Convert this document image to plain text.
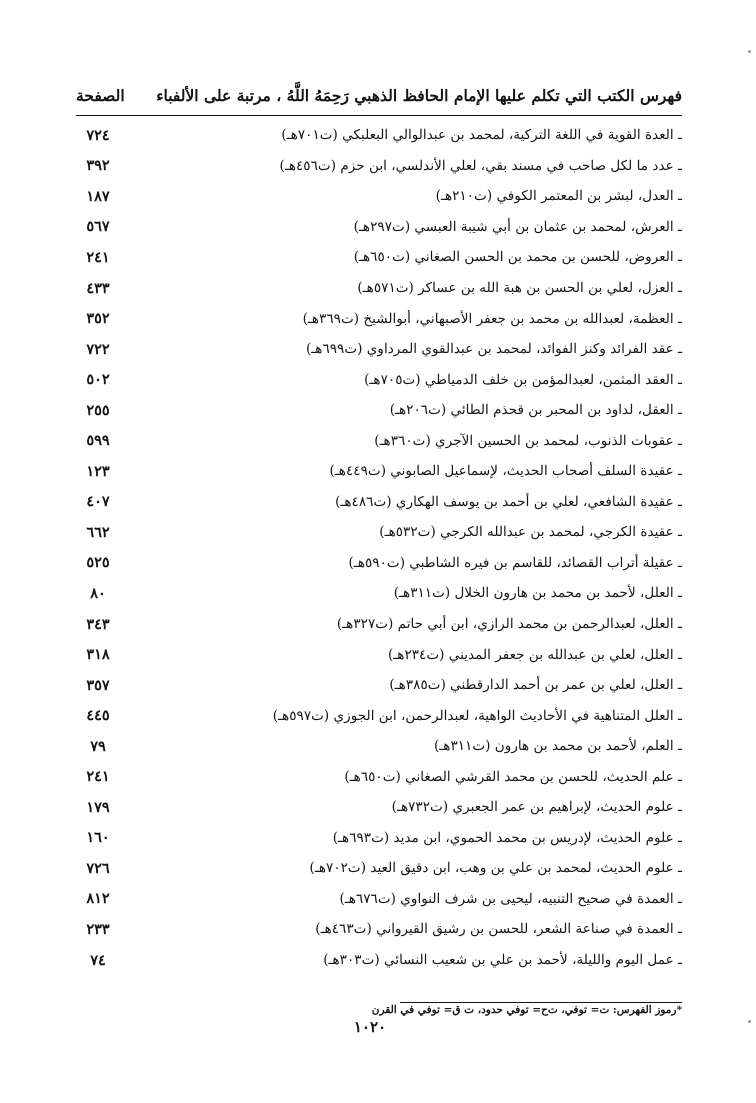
فهرس الكتب التي تكلم عليها الإمام الحافظ الذهبي رَحِمَهُ اللَّهُ ، مرتبة على الألفباء
الصفحة
ـ العدة القوية في اللغة التركية، لمحمد بن عبدالوالي البعلبكي (ت٧٠١هـ)
٧٢٤
ـ عدد ما لكل صاحب في مسند بقي، لعلي الأندلسي، ابن حزم (ت٤٥٦هـ)
٣٩٢
ـ العدل، لبشر بن المعتمر الكوفي (ت٢١٠هـ)
١٨٧
ـ العرش، لمحمد بن عثمان بن أبي شيبة العبسي (ت٢٩٧هـ)
٥٦٧
ـ العروض، للحسن بن محمد بن الحسن الصغاني (ت٦٥٠هـ)
٢٤١
ـ العزل، لعلي بن الحسن بن هبة الله بن عساكر (ت٥٧١هـ)
٤٣٣
ـ العظمة، لعبدالله بن محمد بن جعفر الأصبهاني، أبوالشيخ (ت٣٦٩هـ)
٣٥٢
ـ عقد الفرائد وكنز الفوائد، لمحمد بن عبدالقوي المرداوي (ت٦٩٩هـ)
٧٢٢
ـ العقد المثمن، لعبدالمؤمن بن خلف الدمياطي (ت٧٠٥هـ)
٥٠٢
ـ العقل، لداود بن المحبر بن قحذم الطائي (ت٢٠٦هـ)
٢٥٥
ـ عقوبات الذنوب، لمحمد بن الحسين الآجري (ت٣٦٠هـ)
٥٩٩
ـ عقيدة السلف أصحاب الحديث، لإسماعيل الصابوني (ت٤٤٩هـ)
١٢٣
ـ عقيدة الشافعي، لعلي بن أحمد بن يوسف الهكاري (ت٤٨٦هـ)
٤٠٧
ـ عقيدة الكرجي، لمحمد بن عبدالله الكرجي (ت٥٣٢هـ)
٦٦٢
ـ عقيلة أتراب القصائد، للقاسم بن فيره الشاطبي (ت٥٩٠هـ)
٥٢٥
ـ العلل، لأحمد بن محمد بن هارون الخلال (ت٣١١هـ)
٨٠
ـ العلل، لعبدالرحمن بن محمد الرازي، ابن أبي حاتم (ت٣٢٧هـ)
٣٤٣
ـ العلل، لعلي بن عبدالله بن جعفر المديني (ت٢٣٤هـ)
٣١٨
ـ العلل، لعلي بن عمر بن أحمد الدارقطني (ت٣٨٥هـ)
٣٥٧
ـ العلل المتناهية في الأحاديث الواهية، لعبدالرحمن، ابن الجوزي (ت٥٩٧هـ)
٤٤٥
ـ العلم، لأحمد بن محمد بن هارون (ت٣١١هـ)
٧٩
ـ علم الحديث، للحسن بن محمد القرشي الصغاني (ت٦٥٠هـ)
٢٤١
ـ علوم الحديث، لإبراهيم بن عمر الجعبري (ت٧٣٢هـ)
١٧٩
ـ علوم الحديث، لإدريس بن محمد الحموي، ابن مديد (ت٦٩٣هـ)
١٦٠
ـ علوم الحديث، لمحمد بن علي بن وهب، ابن دقيق العيد (ت٧٠٢هـ)
٧٢٦
ـ العمدة في صحيح التنبيه، ليحيى بن شرف النواوي (ت٦٧٦هـ)
٨١٢
ـ العمدة في صناعة الشعر، للحسن بن رشيق القيرواني (ت٤٦٣هـ)
٢٣٣
ـ عمل اليوم والليلة، لأحمد بن علي بن شعيب النسائي (ت٣٠٣هـ)
٧٤
*رموز الفهرس: ت= توفي، ت‌ح= توفي حدود، ت ق= توفي في القرن
١٠٢٠
